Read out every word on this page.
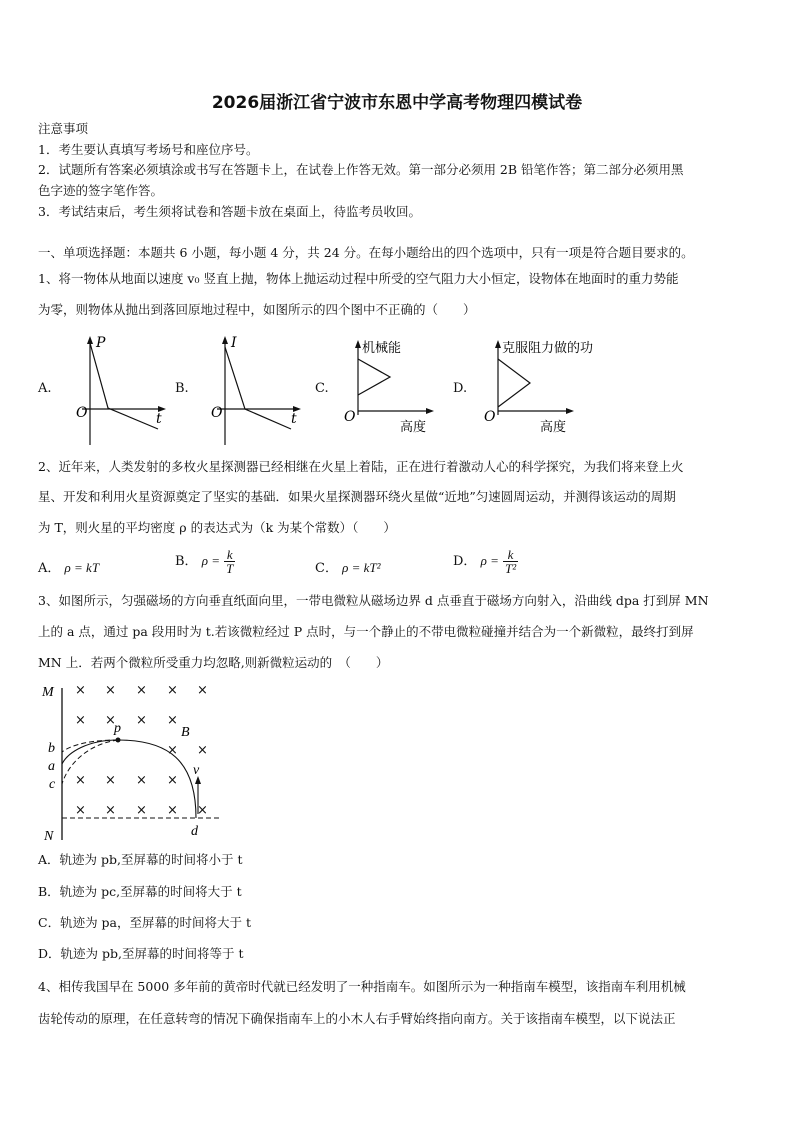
2026届浙江省宁波市东恩中学高考物理四模试卷
注意事项
1．考生要认真填写考场号和座位序号。
2．试题所有答案必须填涂或书写在答题卡上，在试卷上作答无效。第一部分必须用 2B 铅笔作答；第二部分必须用黑
色字迹的签字笔作答。
3．考试结束后，考生须将试卷和答题卡放在桌面上，待监考员收回。
一、单项选择题：本题共 6 小题，每小题 4 分，共 24 分。在每小题给出的四个选项中，只有一项是符合题目要求的。
1、将一物体从地面以速度 v₀ 竖直上抛，物体上抛运动过程中所受的空气阻力大小恒定，设物体在地面时的重力势能
为零，则物体从抛出到落回原地过程中，如图所示的四个图中不正确的（　　）
A.
P
O	t
B.
I
O	t
C.
机械能
O
高度
D.
克服阻力做的功
O
高度
2、近年来，人类发射的多枚火星探测器已经相继在火星上着陆，正在进行着激动人心的科学探究，为我们将来登上火
星、开发和利用火星资源奠定了坚实的基础．如果火星探测器环绕火星做“近地”匀速圆周运动，并测得该运动的周期
为 T，则火星的平均密度 ρ 的表达式为（k 为某个常数）（　　）
A． ρ = kT	B． $\rho = \frac{k}{T}$	C． ρ = kT²	D． $\rho = \frac{k}{\text{T²}}$
3、如图所示，匀强磁场的方向垂直纸面向里，一带电微粒从磁场边界 d 点垂直于磁场方向射入，沿曲线 dpa 打到屏 MN
上的 a 点，通过 pa 段用时为 t.若该微粒经过 P 点时，与一个静止的不带电微粒碰撞并结合为一个新微粒，最终打到屏
MN 上．若两个微粒所受重力均忽略,则新微粒运动的　（　　）
× × × × ×
× × × ×
×
×
× × × ×
× × × × ×
M
N
b
a
c
p	B
v
d
A．轨迹为 pb,至屏幕的时间将小于 t
B．轨迹为 pc,至屏幕的时间将大于 t
C．轨迹为 pa，至屏幕的时间将大于 t
D．轨迹为 pb,至屏幕的时间将等于 t
4、相传我国早在 5000 多年前的黄帝时代就已经发明了一种指南车。如图所示为一种指南车模型，该指南车利用机械
齿轮传动的原理，在任意转弯的情况下确保指南车上的小木人右手臂始终指向南方。关于该指南车模型，以下说法正
